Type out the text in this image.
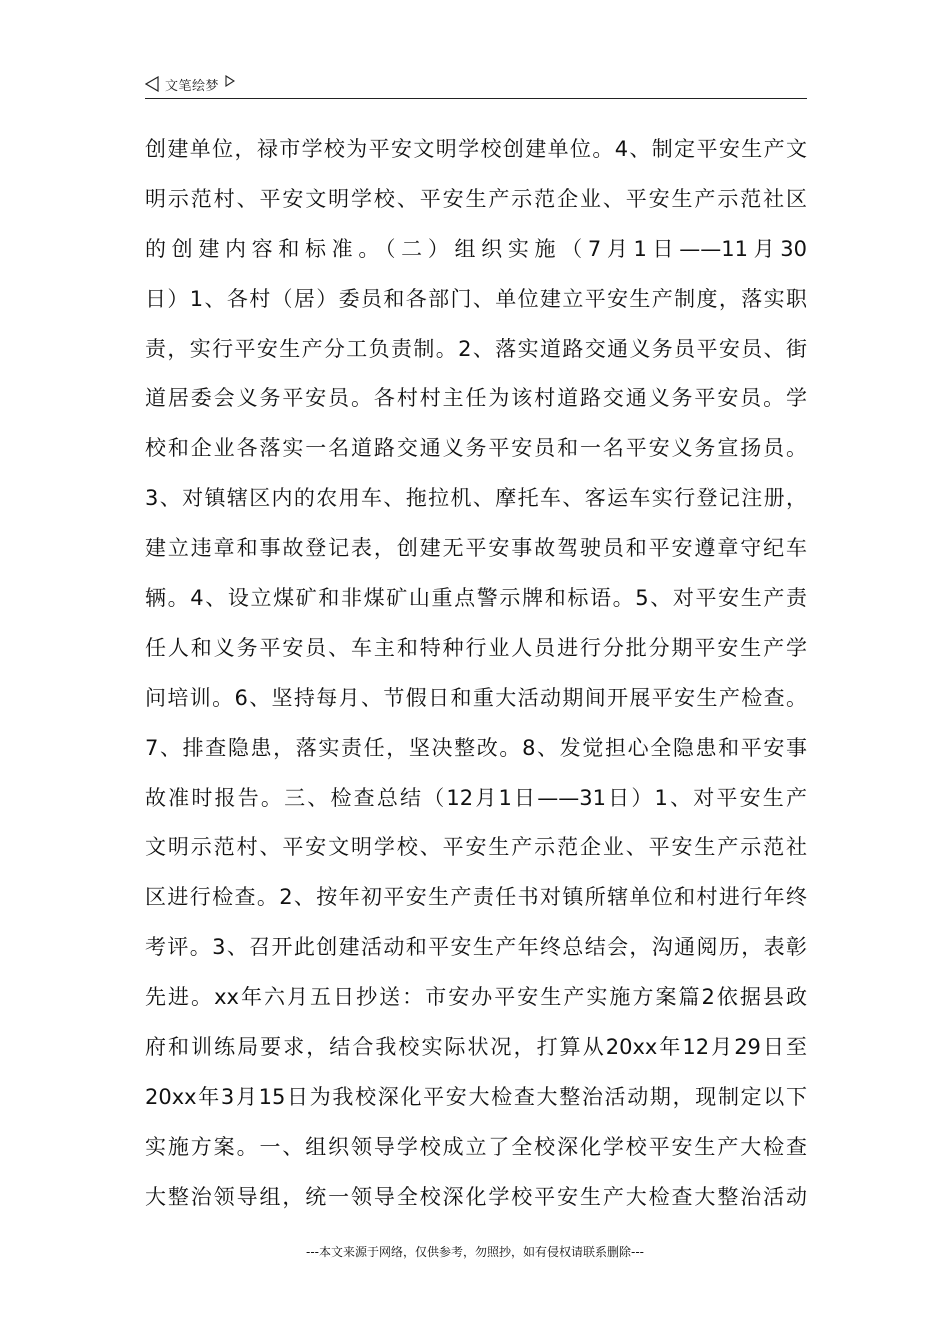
文笔绘梦
创建单位，禄市学校为平安文明学校创建单位。4、制定平安生产文
明示范村、平安文明学校、平安生产示范企业、平安生产示范社区
的创建内容和标准。（二）组织实施（7月1日——11月30
日）1、各村（居）委员和各部门、单位建立平安生产制度，落实职
责，实行平安生产分工负责制。2、落实道路交通义务员平安员、街
道居委会义务平安员。各村村主任为该村道路交通义务平安员。学
校和企业各落实一名道路交通义务平安员和一名平安义务宣扬员。
3、对镇辖区内的农用车、拖拉机、摩托车、客运车实行登记注册，
建立违章和事故登记表，创建无平安事故驾驶员和平安遵章守纪车
辆。4、设立煤矿和非煤矿山重点警示牌和标语。5、对平安生产责
任人和义务平安员、车主和特种行业人员进行分批分期平安生产学
问培训。6、坚持每月、节假日和重大活动期间开展平安生产检查。
7、排查隐患，落实责任，坚决整改。8、发觉担心全隐患和平安事
故准时报告。三、检查总结（12月1日——31日）1、对平安生产
文明示范村、平安文明学校、平安生产示范企业、平安生产示范社
区进行检查。2、按年初平安生产责任书对镇所辖单位和村进行年终
考评。3、召开此创建活动和平安生产年终总结会，沟通阅历，表彰
先进。xx年六月五日抄送：市安办平安生产实施方案篇2依据县政
府和训练局要求，结合我校实际状况，打算从20xx年12月29日至
20xx年3月15日为我校深化平安大检查大整治活动期，现制定以下
实施方案。一、组织领导学校成立了全校深化学校平安生产大检查
大整治领导组，统一领导全校深化学校平安生产大检查大整治活动
---本文来源于网络，仅供参考，勿照抄，如有侵权请联系删除---
